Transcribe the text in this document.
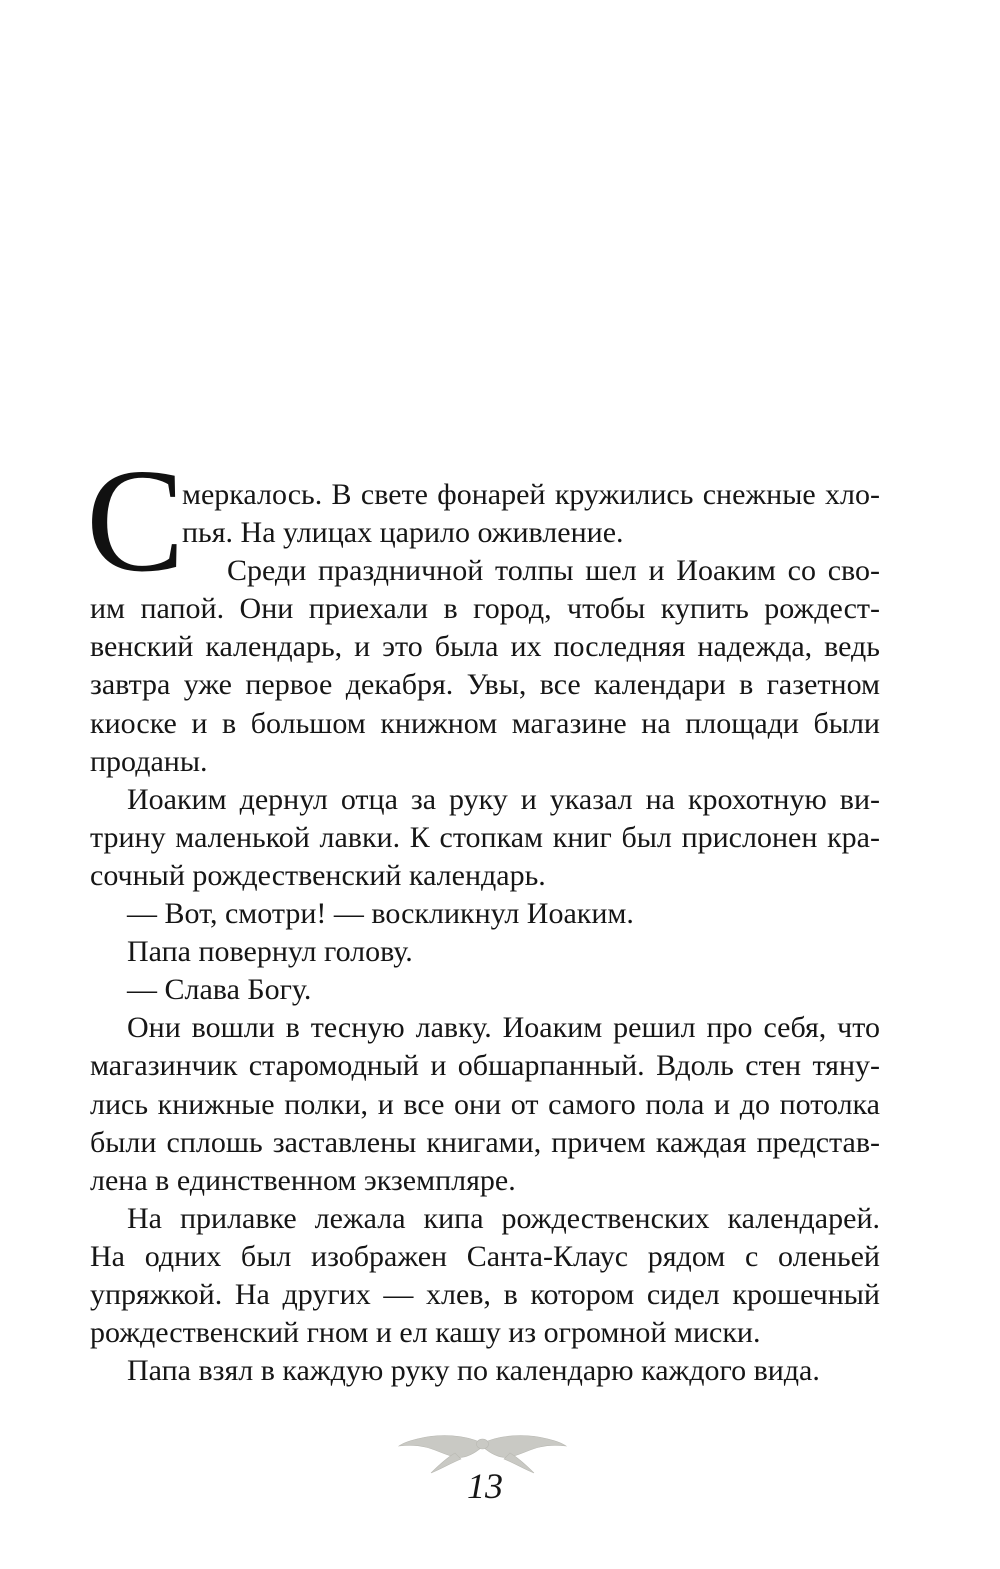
С
меркалось. В свете фонарей кружились снежные хло-
пья. На улицах царило оживление.
Среди праздничной толпы шел и Иоаким со сво-
им папой. Они приехали в город, чтобы купить рождест-
венский календарь, и это была их последняя надежда, ведь
завтра уже первое декабря. Увы, все календари в газетном
киоске и в большом книжном магазине на площади были
проданы.
Иоаким дернул отца за руку и указал на крохотную ви-
трину маленькой лавки. К стопкам книг был прислонен кра-
сочный рождественский календарь.
— Вот, смотри! — воскликнул Иоаким.
Папа повернул голову.
— Слава Богу.
Они вошли в тесную лавку. Иоаким решил про себя, что
магазинчик старомодный и обшарпанный. Вдоль стен тяну-
лись книжные полки, и все они от самого пола и до потолка
были сплошь заставлены книгами, причем каждая представ-
лена в единственном экземпляре.
На прилавке лежала кипа рождественских календарей.
На одних был изображен Санта-Клаус рядом с оленьей
упряжкой. На других — хлев, в котором сидел крошечный
рождественский гном и ел кашу из огромной миски.
Папа взял в каждую руку по календарю каждого вида.
13
